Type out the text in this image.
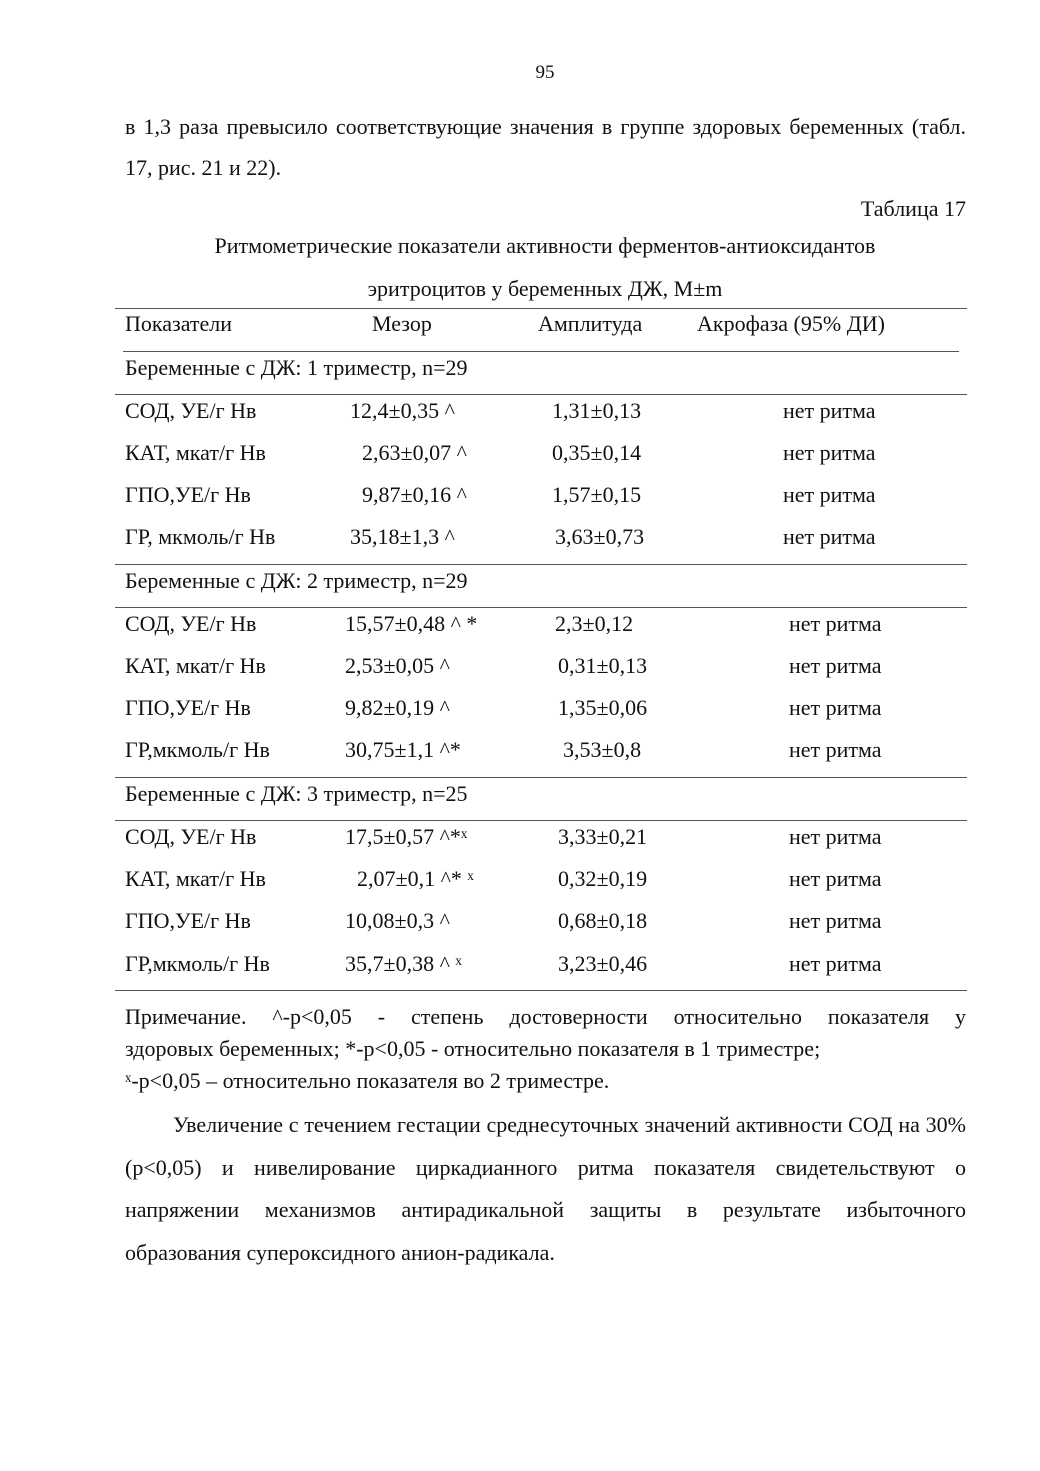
95

в 1,3 раза превысило соответствующие значения в группе здоровых беременных (табл. 17, рис. 21 и 22).

Таблица 17
Ритмометрические показатели активности ферментов-антиоксидантов
эритроцитов у беременных ДЖ, M±m
Показатели	Мезор	Амплитуда Акрофаза (95% ДИ)
Беременные с ДЖ: 1 триместр, n=29
СОД, УЕ/г Нв	12,4±0,35 ^	1,31±0,13	нет ритма
КАТ, мкат/г Нв	2,63±0,07 ^	0,35±0,14	нет ритма
ГПО,УЕ/г Нв	9,87±0,16 ^	1,57±0,15	нет ритма
ГР, мкмоль/г Нв	35,18±1,3 ^	3,63±0,73	нет ритма
Беременные с ДЖ: 2 триместр, n=29
СОД, УЕ/г Нв	15,57±0,48 ^ *	2,3±0,12	нет ритма
КАТ, мкат/г Нв	2,53±0,05 ^	0,31±0,13	нет ритма
ГПО,УЕ/г Нв	9,82±0,19 ^	1,35±0,06	нет ритма
ГР,мкмоль/г Нв	30,75±1,1 ^*	3,53±0,8	нет ритма
Беременные с ДЖ: 3 триместр, n=25
СОД, УЕ/г Нв	17,5±0,57 ^*ˣ	3,33±0,21	нет ритма
КАТ, мкат/г Нв	2,07±0,1 ^* ˣ	0,32±0,19	нет ритма
ГПО,УЕ/г Нв	10,08±0,3 ^	0,68±0,18	нет ритма
ГР,мкмоль/г Нв	35,7±0,38 ^ ˣ	3,23±0,46	нет ритма
Примечание. ^-p<0,05 - степень достоверности относительно показателя у
здоровых беременных; *-p<0,05 - относительно показателя в 1 триместре;
ˣ-p<0,05 – относительно показателя во 2 триместре.

Увеличение с течением гестации среднесуточных значений активности СОД на 30% (p<0,05) и нивелирование циркадианного ритма показателя свидетельствуют о напряжении механизмов антирадикальной защиты в результате избыточного образования супероксидного анион-радикала.
